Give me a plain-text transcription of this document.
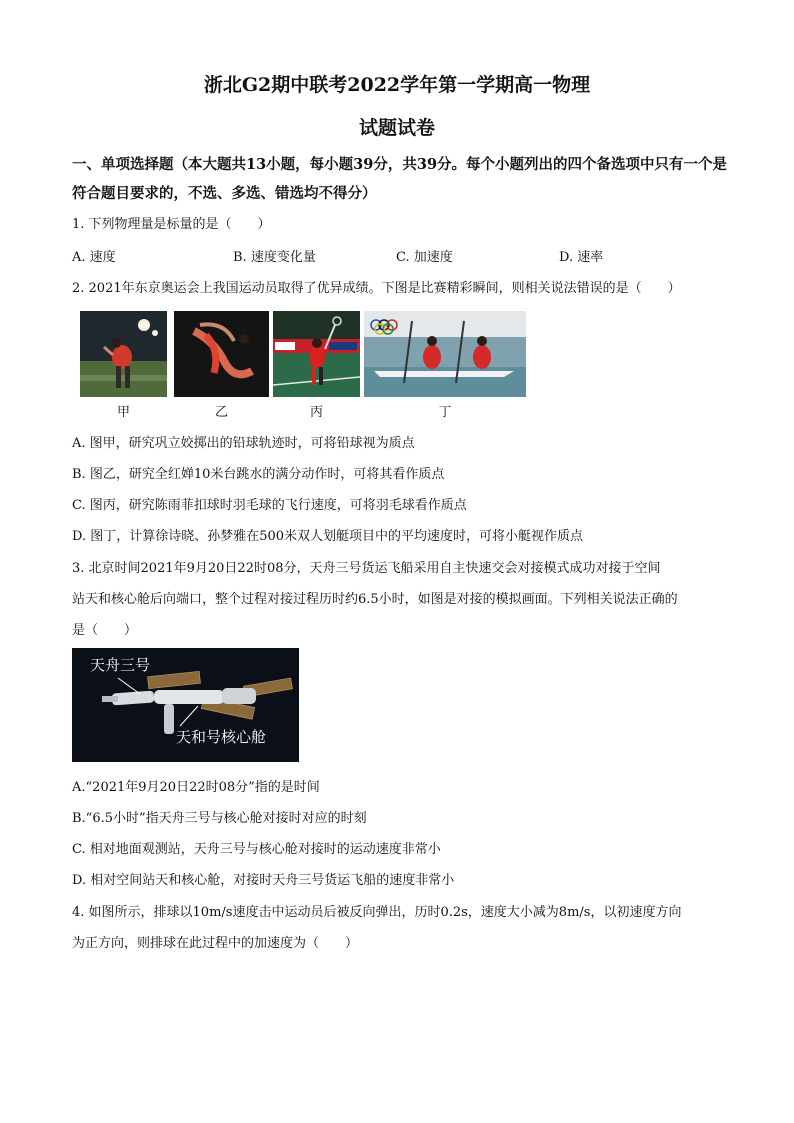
浙北G2期中联考2022学年第一学期高一物理
试题试卷
一、单项选择题（本大题共13小题，每小题39分，共39分。每个小题列出的四个备选项中只有一个是符合题目要求的，不选、多选、错选均不得分）
1. 下列物理量是标量的是（　　）
A. 速度	B. 速度变化量	C. 加速度	D. 速率
2. 2021年东京奥运会上我国运动员取得了优异成绩。下图是比赛精彩瞬间，则相关说法错误的是（　　）
甲	乙	丙	丁
A. 图甲，研究巩立姣掷出的铅球轨迹时，可将铅球视为质点
B. 图乙，研究全红婵10米台跳水的满分动作时，可将其看作质点
C. 图丙，研究陈雨菲扣球时羽毛球的飞行速度，可将羽毛球看作质点
D. 图丁，计算徐诗晓、孙梦雅在500米双人划艇项目中的平均速度时，可将小艇视作质点
3. 北京时间2021年9月20日22时08分，天舟三号货运飞船采用自主快速交会对接模式成功对接于空间
站天和核心舱后向端口，整个过程对接过程历时约6.5小时，如图是对接的模拟画面。下列相关说法正确的
是（　　）
天舟三号
天和号核心舱
A.“2021年9月20日22时08分”指的是时间
B.“6.5小时”指天舟三号与核心舱对接时对应的时刻
C. 相对地面观测站，天舟三号与核心舱对接时的运动速度非常小
D. 相对空间站天和核心舱，对接时天舟三号货运飞船的速度非常小
4. 如图所示，排球以10m/s速度击中运动员后被反向弹出，历时0.2s，速度大小减为8m/s，以初速度方向
为正方向，则排球在此过程中的加速度为（　　）
